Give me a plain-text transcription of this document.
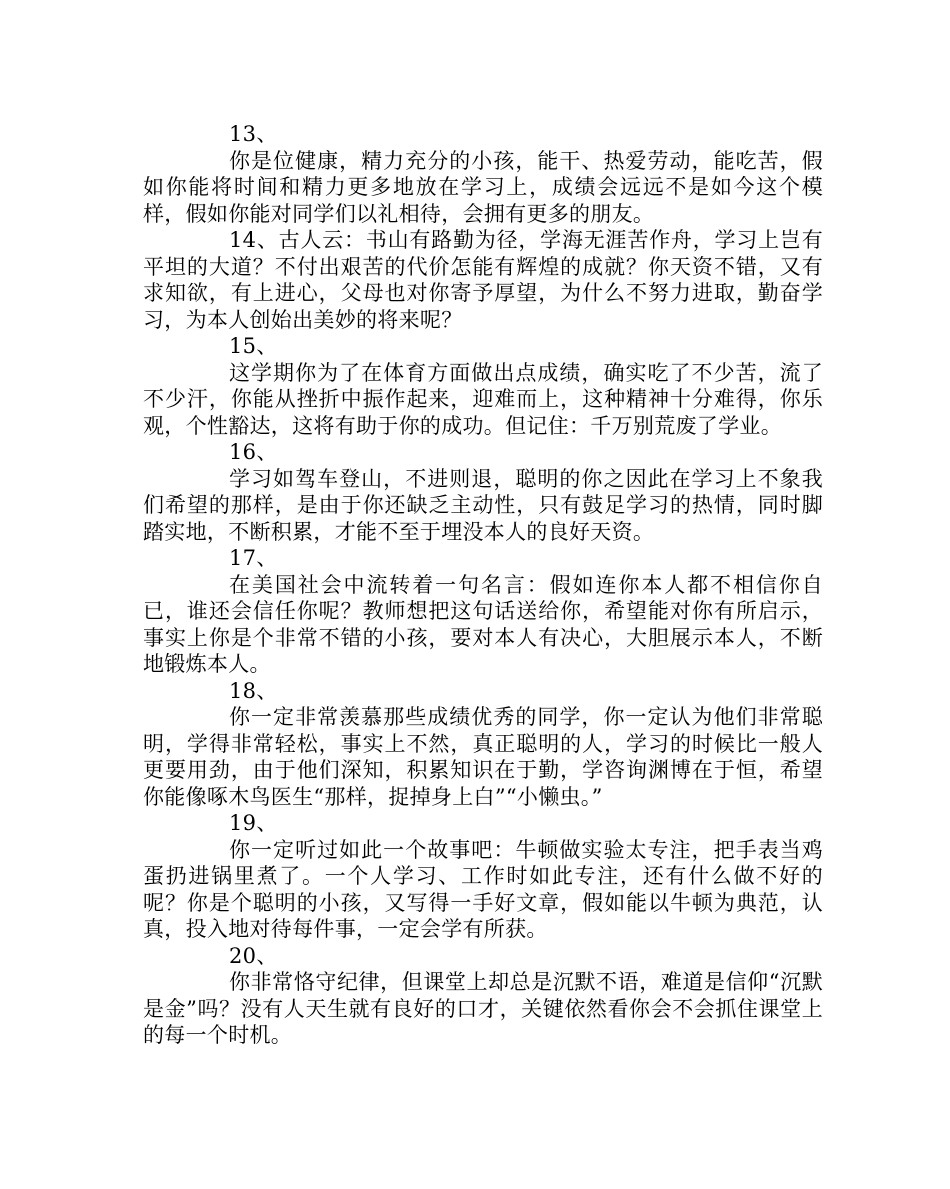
13、

你是位健康，精力充分的小孩，能干、热爱劳动，能吃苦，假如你能将时间和精力更多地放在学习上，成绩会远远不是如今这个模样，假如你能对同学们以礼相待，会拥有更多的朋友。

14、古人云：书山有路勤为径，学海无涯苦作舟，学习上岂有平坦的大道？不付出艰苦的代价怎能有辉煌的成就？你天资不错，又有求知欲，有上进心，父母也对你寄予厚望，为什么不努力进取，勤奋学习，为本人创始出美妙的将来呢？

15、

这学期你为了在体育方面做出点成绩，确实吃了不少苦，流了不少汗，你能从挫折中振作起来，迎难而上，这种精神十分难得，你乐观，个性豁达，这将有助于你的成功。但记住：千万别荒废了学业。

16、

学习如驾车登山，不进则退，聪明的你之因此在学习上不象我们希望的那样，是由于你还缺乏主动性，只有鼓足学习的热情，同时脚踏实地，不断积累，才能不至于埋没本人的良好天资。

17、

在美国社会中流转着一句名言：假如连你本人都不相信你自已，谁还会信任你呢？教师想把这句话送给你，希望能对你有所启示，事实上你是个非常不错的小孩，要对本人有决心，大胆展示本人，不断地锻炼本人。

18、

你一定非常羡慕那些成绩优秀的同学，你一定认为他们非常聪明，学得非常轻松，事实上不然，真正聪明的人，学习的时候比一般人更要用劲，由于他们深知，积累知识在于勤，学咨询渊博在于恒，希望你能像啄木鸟医生“那样，捉掉身上白”“小懒虫。”

19、

你一定听过如此一个故事吧：牛顿做实验太专注，把手表当鸡蛋扔进锅里煮了。一个人学习、工作时如此专注，还有什么做不好的呢？你是个聪明的小孩，又写得一手好文章，假如能以牛顿为典范，认真，投入地对待每件事，一定会学有所获。

20、

你非常恪守纪律，但课堂上却总是沉默不语，难道是信仰“沉默是金”吗？没有人天生就有良好的口才，关键依然看你会不会抓住课堂上的每一个时机。
